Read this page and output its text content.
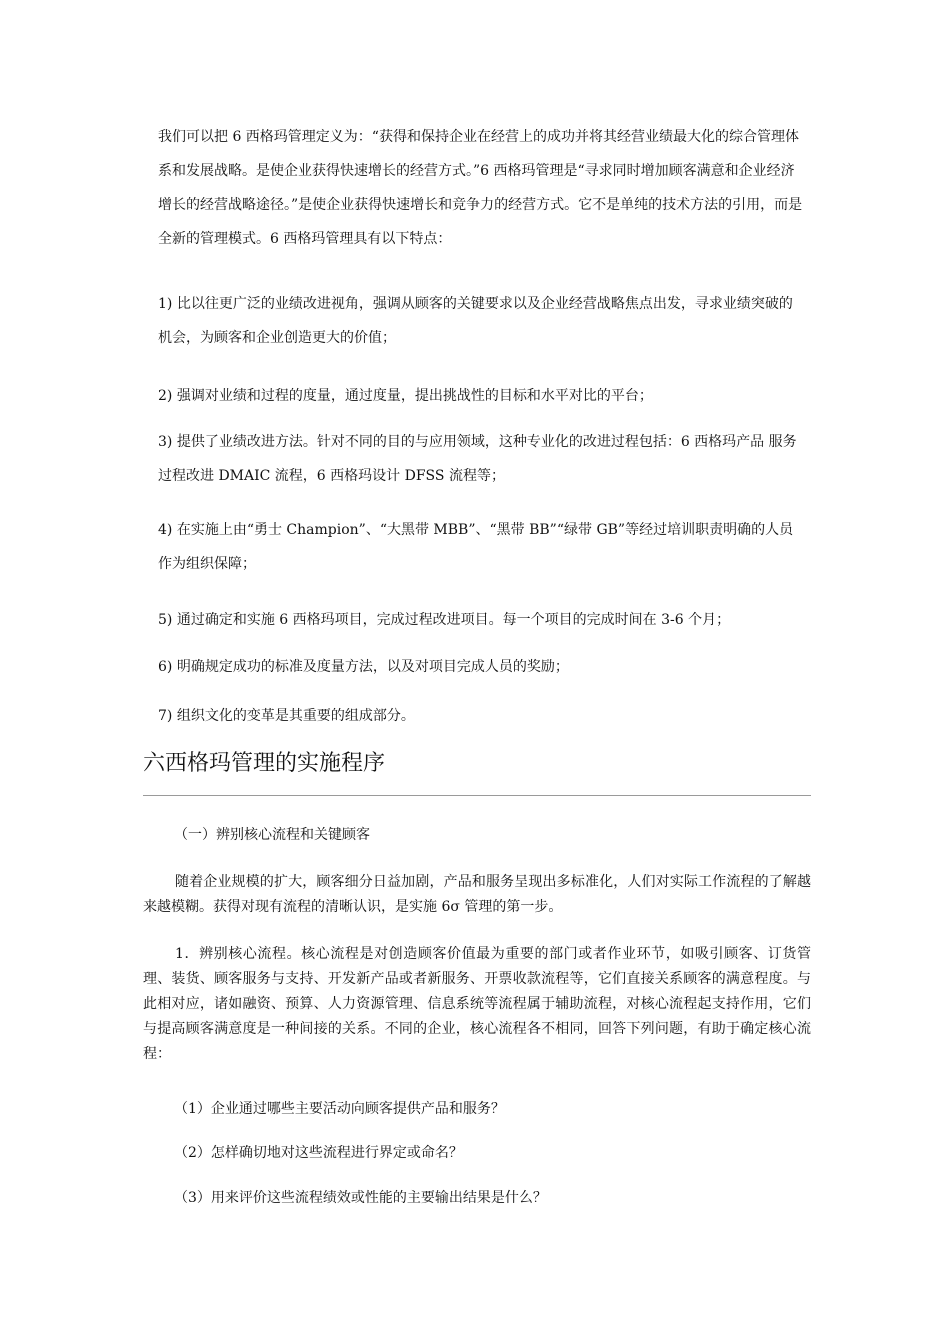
我们可以把 6 西格玛管理定义为：“获得和保持企业在经营上的成功并将其经营业绩最大化的综合管理体系和发展战略。是使企业获得快速增长的经营方式。”6 西格玛管理是“寻求同时增加顾客满意和企业经济增长的经营战略途径。”是使企业获得快速增长和竞争力的经营方式。它不是单纯的技术方法的引用，而是全新的管理模式。6 西格玛管理具有以下特点：

1) 比以往更广泛的业绩改进视角，强调从顾客的关键要求以及企业经营战略焦点出发，寻求业绩突破的机会，为顾客和企业创造更大的价值；

2) 强调对业绩和过程的度量，通过度量，提出挑战性的目标和水平对比的平台；

3) 提供了业绩改进方法。针对不同的目的与应用领域，这种专业化的改进过程包括：6 西格玛产品 服务过程改进 DMAIC 流程，6 西格玛设计 DFSS 流程等；

4) 在实施上由“勇士 Champion”、“大黑带 MBB”、“黑带 BB”“绿带 GB”等经过培训职责明确的人员作为组织保障；

5) 通过确定和实施 6 西格玛项目，完成过程改进项目。每一个项目的完成时间在 3-6 个月；

6) 明确规定成功的标准及度量方法，以及对项目完成人员的奖励；

7) 组织文化的变革是其重要的组成部分。

六西格玛管理的实施程序

（一）辨别核心流程和关键顾客

随着企业规模的扩大，顾客细分日益加剧，产品和服务呈现出多标准化，人们对实际工作流程的了解越来越模糊。获得对现有流程的清晰认识，是实施 6σ 管理的第一步。

1．辨别核心流程。核心流程是对创造顾客价值最为重要的部门或者作业环节，如吸引顾客、订货管理、装货、顾客服务与支持、开发新产品或者新服务、开票收款流程等，它们直接关系顾客的满意程度。与此相对应，诸如融资、预算、人力资源管理、信息系统等流程属于辅助流程，对核心流程起支持作用，它们与提高顾客满意度是一种间接的关系。不同的企业，核心流程各不相同，回答下列问题，有助于确定核心流程：

（1）企业通过哪些主要活动向顾客提供产品和服务？

（2）怎样确切地对这些流程进行界定或命名？

（3）用来评价这些流程绩效或性能的主要输出结果是什么？
